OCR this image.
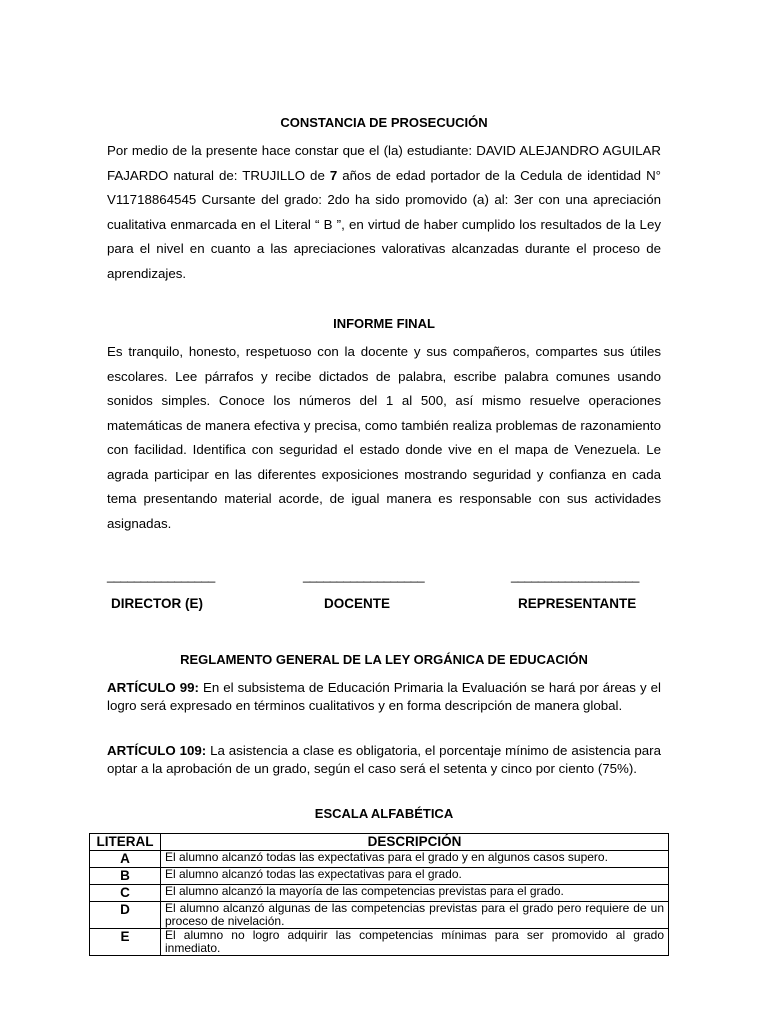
CONSTANCIA DE PROSECUCIÓN
Por medio de la presente hace constar que el (la) estudiante: DAVID ALEJANDRO AGUILAR FAJARDO natural de: TRUJILLO de 7 años de edad portador de la Cedula de identidad N° V11718864545 Cursante del grado: 2do ha sido promovido (a) al: 3er con una apreciación cualitativa enmarcada en el Literal “ B ”, en virtud de haber cumplido los resultados de la Ley para el nivel en cuanto a las apreciaciones valorativas alcanzadas durante el proceso de aprendizajes.
INFORME FINAL
Es tranquilo, honesto, respetuoso con la docente y sus compañeros, compartes sus útiles escolares. Lee párrafos y recibe dictados de palabra, escribe palabra comunes usando sonidos simples. Conoce los números del 1 al 500, así mismo resuelve operaciones matemáticas de manera efectiva y precisa, como también realiza problemas de razonamiento con facilidad. Identifica con seguridad el estado donde vive en el mapa de Venezuela. Le agrada participar en las diferentes exposiciones mostrando seguridad y confianza en cada tema presentando material acorde, de igual manera es responsable con sus actividades asignadas.
________________	__________________	___________________
DIRECTOR (E)	DOCENTE	REPRESENTANTE
REGLAMENTO GENERAL DE LA LEY ORGÁNICA DE EDUCACIÓN
ARTÍCULO 99: En el subsistema de Educación Primaria la Evaluación se hará por áreas y el logro será expresado en términos cualitativos y en forma descripción de manera global.
ARTÍCULO 109: La asistencia a clase es obligatoria, el porcentaje mínimo de asistencia para optar a la aprobación de un grado, según el caso será el setenta y cinco por ciento (75%).
ESCALA ALFABÉTICA
LITERAL	DESCRIPCIÓN
A	El alumno alcanzó todas las expectativas para el grado y en algunos casos supero.
B	El alumno alcanzó todas las expectativas para el grado.
C	El alumno alcanzó la mayoría de las competencias previstas para el grado.
D	El alumno alcanzó algunas de las competencias previstas para el grado pero requiere de un proceso de nivelación.
E	El alumno no logro adquirir las competencias mínimas para ser promovido al grado inmediato.
